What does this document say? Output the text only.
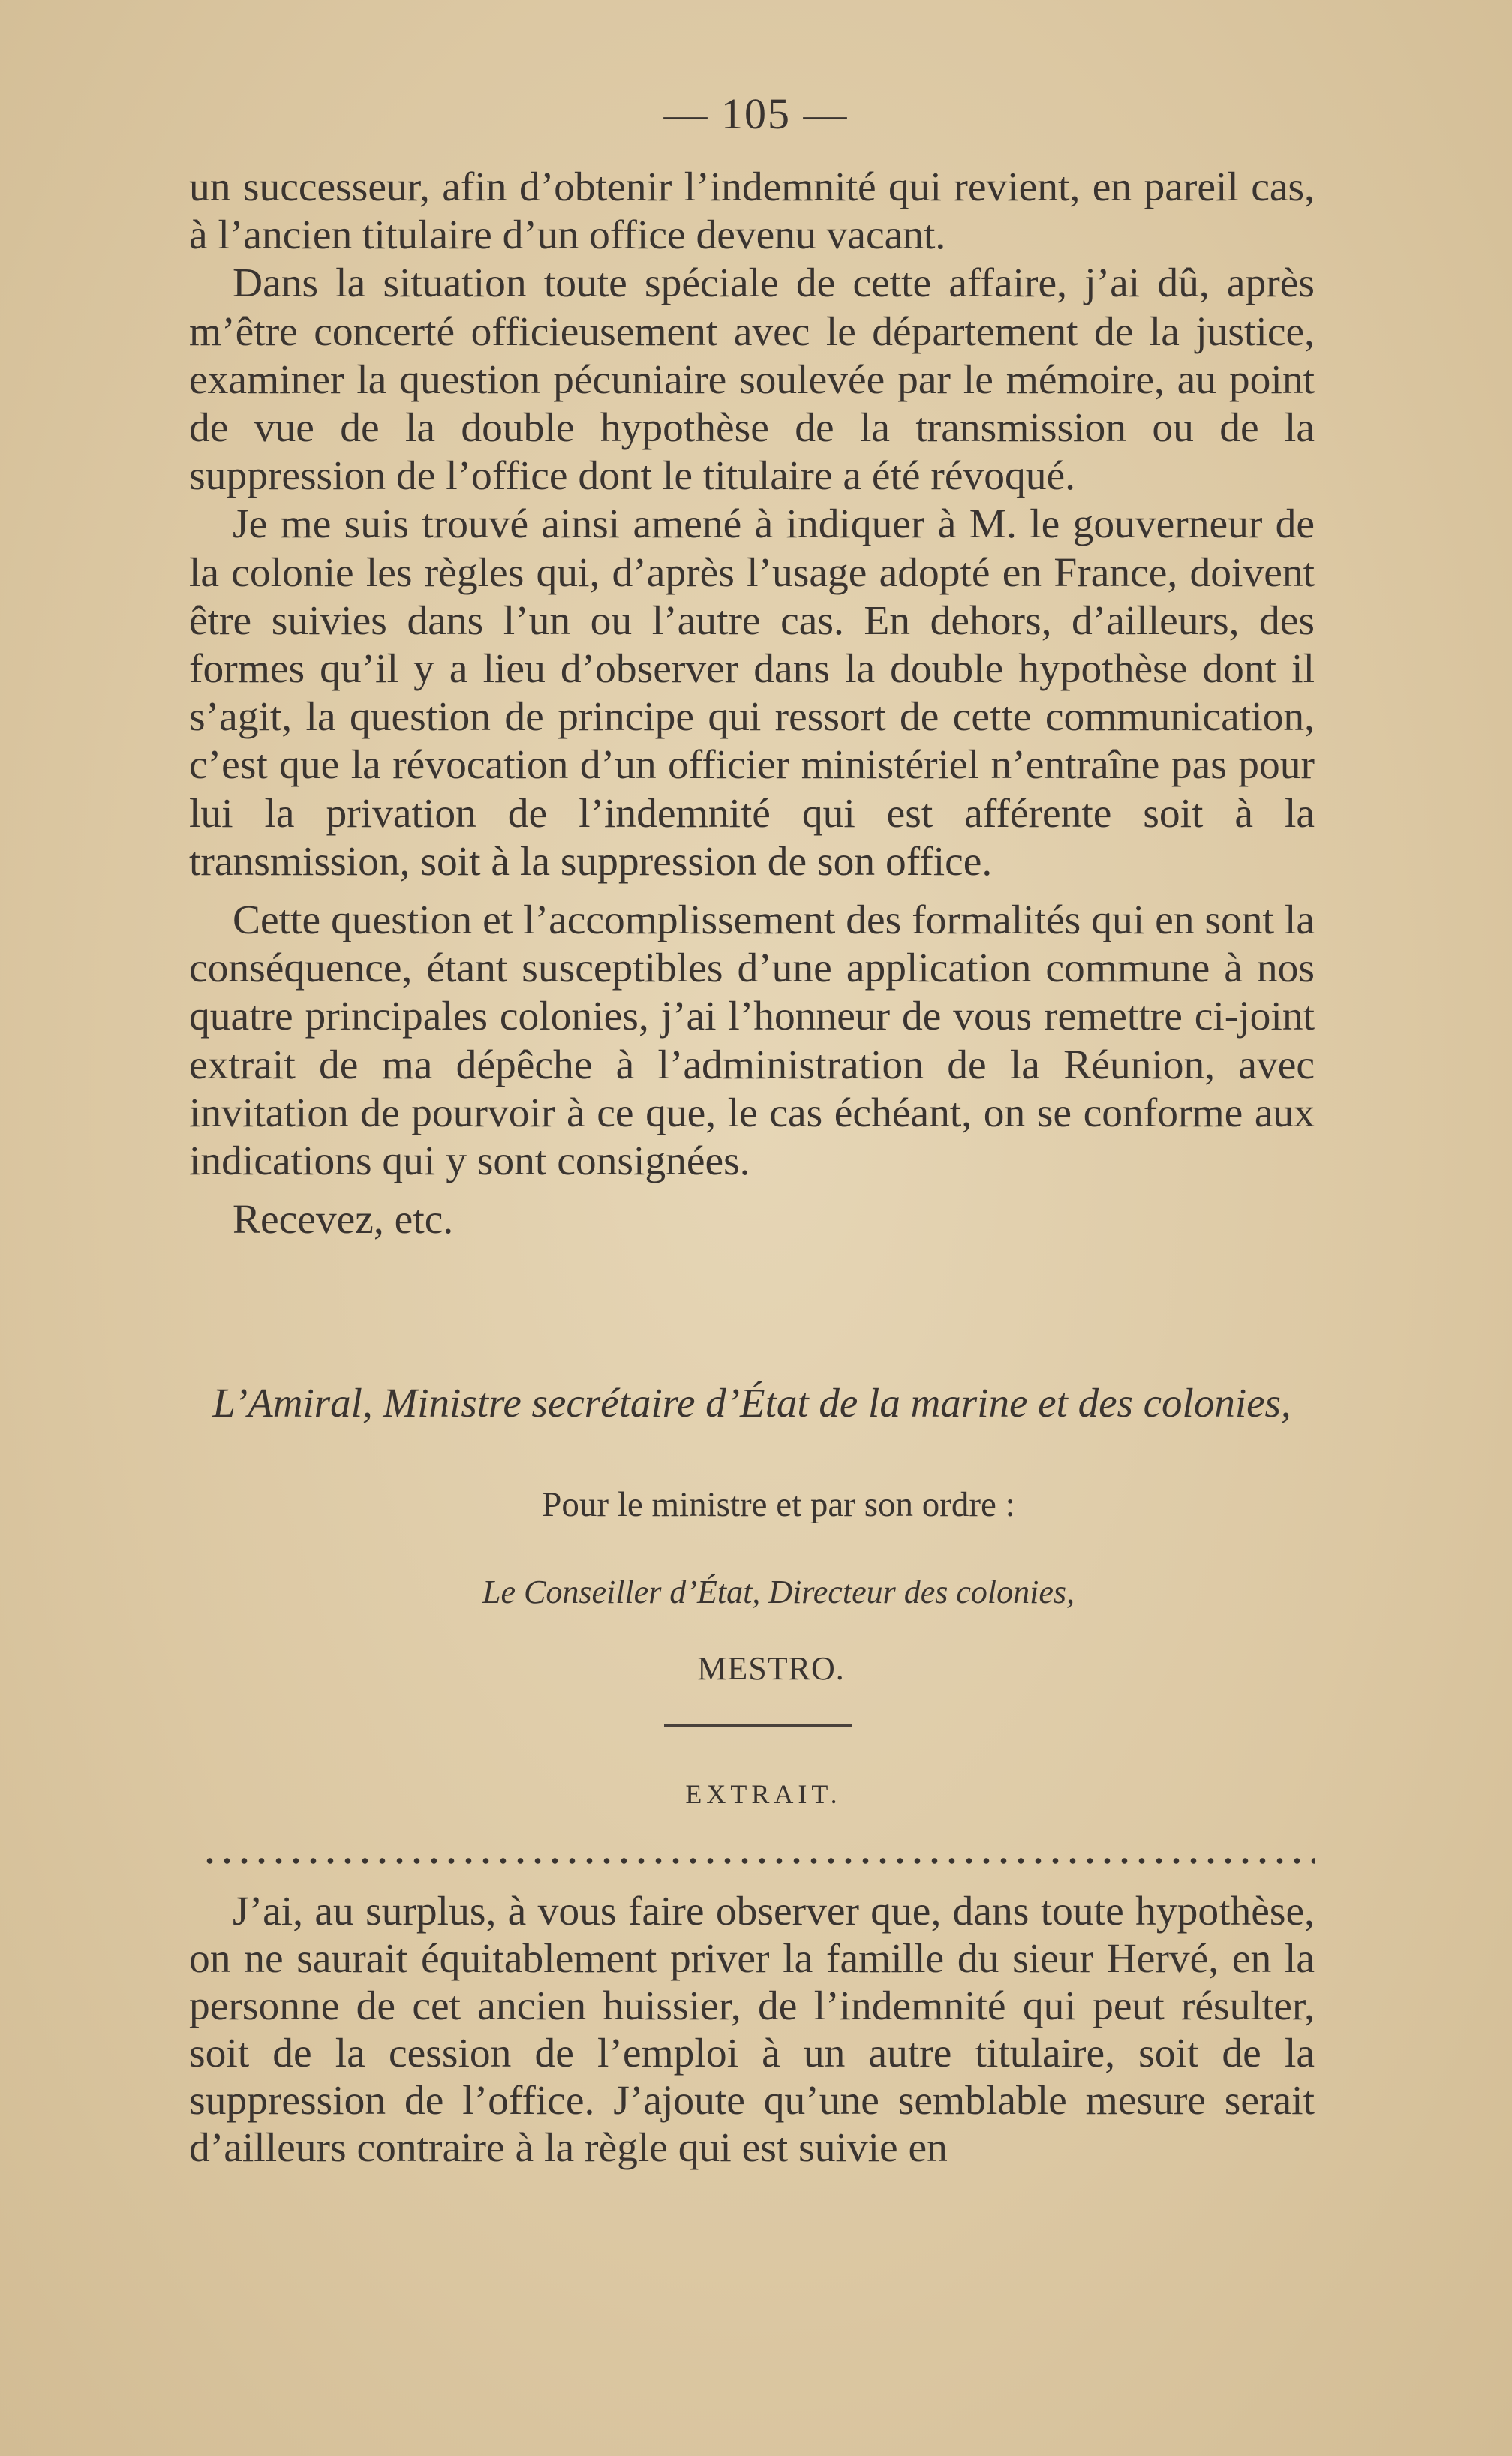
— 105 —

un successeur, afin d’obtenir l’indemnité qui revient, en pareil cas, à l’ancien titulaire d’un office devenu vacant.

Dans la situation toute spéciale de cette affaire, j’ai dû, après m’être concerté officieusement avec le département de la justice, examiner la question pécuniaire soulevée par le mémoire, au point de vue de la double hypothèse de la transmission ou de la suppression de l’office dont le titulaire a été révoqué.

Je me suis trouvé ainsi amené à indiquer à M. le gouverneur de la colonie les règles qui, d’après l’usage adopté en France, doivent être suivies dans l’un ou l’autre cas. En dehors, d’ailleurs, des formes qu’il y a lieu d’observer dans la double hypothèse dont il s’agit, la question de principe qui ressort de cette communication, c’est que la révocation d’un officier ministériel n’entraîne pas pour lui la privation de l’indemnité qui est afférente soit à la transmission, soit à la suppression de son office.

Cette question et l’accomplissement des formalités qui en sont la conséquence, étant susceptibles d’une application commune à nos quatre principales colonies, j’ai l’honneur de vous remettre ci-joint extrait de ma dépêche à l’administration de la Réunion, avec invitation de pourvoir à ce que, le cas échéant, on se conforme aux indications qui y sont consignées.

Recevez, etc.

L’Amiral, Ministre secrétaire d’État de la marine et des colonies,
Pour le ministre et par son ordre :
Le Conseiller d’État, Directeur des colonies,
MESTRO.
EXTRAIT.

J’ai, au surplus, à vous faire observer que, dans toute hypothèse, on ne saurait équitablement priver la famille du sieur Hervé, en la personne de cet ancien huissier, de l’indemnité qui peut résulter, soit de la cession de l’emploi à un autre titulaire, soit de la suppression de l’office. J’ajoute qu’une semblable mesure serait d’ailleurs contraire à la règle qui est suivie en
